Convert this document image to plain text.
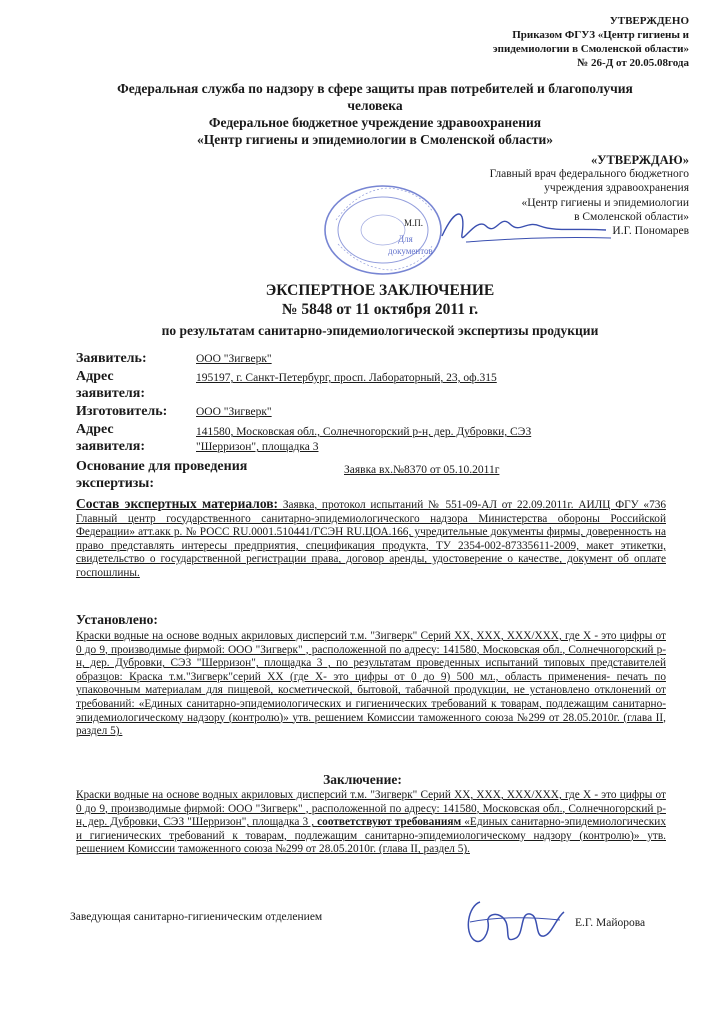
УТВЕРЖДЕНО
Приказом ФГУЗ «Центр гигиены и
эпидемиологии в Смоленской области»
№ 26-Д от 20.05.08года
Федеральная служба по надзору в сфере защиты прав потребителей и благополучия
человека
Федеральное бюджетное учреждение здравоохранения
«Центр гигиены и эпидемиологии в Смоленской области»
«УТВЕРЖДАЮ»
Главный врач федерального бюджетного
учреждения здравоохранения
«Центр гигиены и эпидемиологии
в Смоленской области»
И.Г. Пономарев
Для
документов
М.П.
ЭКСПЕРТНОЕ ЗАКЛЮЧЕНИЕ
№ 5848 от 11 октября 2011 г.
по результатам санитарно-эпидемиологической экспертизы продукции
Заявитель:	ООО "Зигверк"
Адрес
заявителя:
195197, г. Санкт-Петербург, просп. Лабораторный, 23, оф.315
Изготовитель: ООО "Зигверк"
Адрес
заявителя:
141580, Московская обл., Солнечногорский р-н, дер. Дубровки, СЭЗ
"Шерризон", площадка 3
Основание для проведения
экспертизы:
Заявка вх.№8370 от 05.10.2011г
Состав экспертных материалов: Заявка, протокол испытаний № 551-09-АЛ от 22.09.2011г. АИЛЦ ФГУ «736 Главный центр государственного санитарно-эпидемиологического надзора Министерства обороны Российской Федерации» атт.акк р. № РОСС RU.0001.510441/ГСЭН RU.ЦОА.166, учредительные документы фирмы, доверенность на право представлять интересы предприятия, спецификация продукта, ТУ 2354-002-87335611-2009, макет этикетки, свидетельство о государственной регистрации права, договор аренды, удостоверение о качестве, документ об оплате госпошлины.
Установлено:
Краски водные на основе водных акриловых дисперсий т.м. "Зигверк" Серий XX, XXX, XXX/XXX, где X - это цифры от 0 до 9, производимые фирмой: ООО "Зигверк" , расположенной по адресу: 141580, Московская обл., Солнечногорский р-н, дер. Дубровки, СЭЗ "Шерризон", площадка 3 , по результатам проведенных испытаний типовых представителей образцов: Краска т.м."Зигверк"серий XX (где X- это цифры от 0 до 9) 500 мл., область применения- печать по упаковочным материалам для пищевой, косметической, бытовой, табачной продукции, не установлено отклонений от требований: «Единых санитарно-эпидемиологических и гигиенических требований к товарам, подлежащим санитарно-эпидемиологическому надзору (контролю)» утв. решением Комиссии таможенного союза №299 от 28.05.2010г. (глава II, раздел 5).
Заключение:
Краски водные на основе водных акриловых дисперсий т.м. "Зигверк" Серий XX, XXX, XXX/XXX, где X - это цифры от 0 до 9, производимые фирмой: ООО "Зигверк" , расположенной по адресу: 141580, Московская обл., Солнечногорский р-н, дер. Дубровки, СЭЗ "Шерризон", площадка 3 , соответствуют требованиям «Единых санитарно-эпидемиологических и гигиенических требований к товарам, подлежащим санитарно-эпидемиологическому надзору (контролю)» утв. решением Комиссии таможенного союза №299 от 28.05.2010г. (глава II, раздел 5).
Заведующая санитарно-гигиеническим отделением	Е.Г. Майорова
